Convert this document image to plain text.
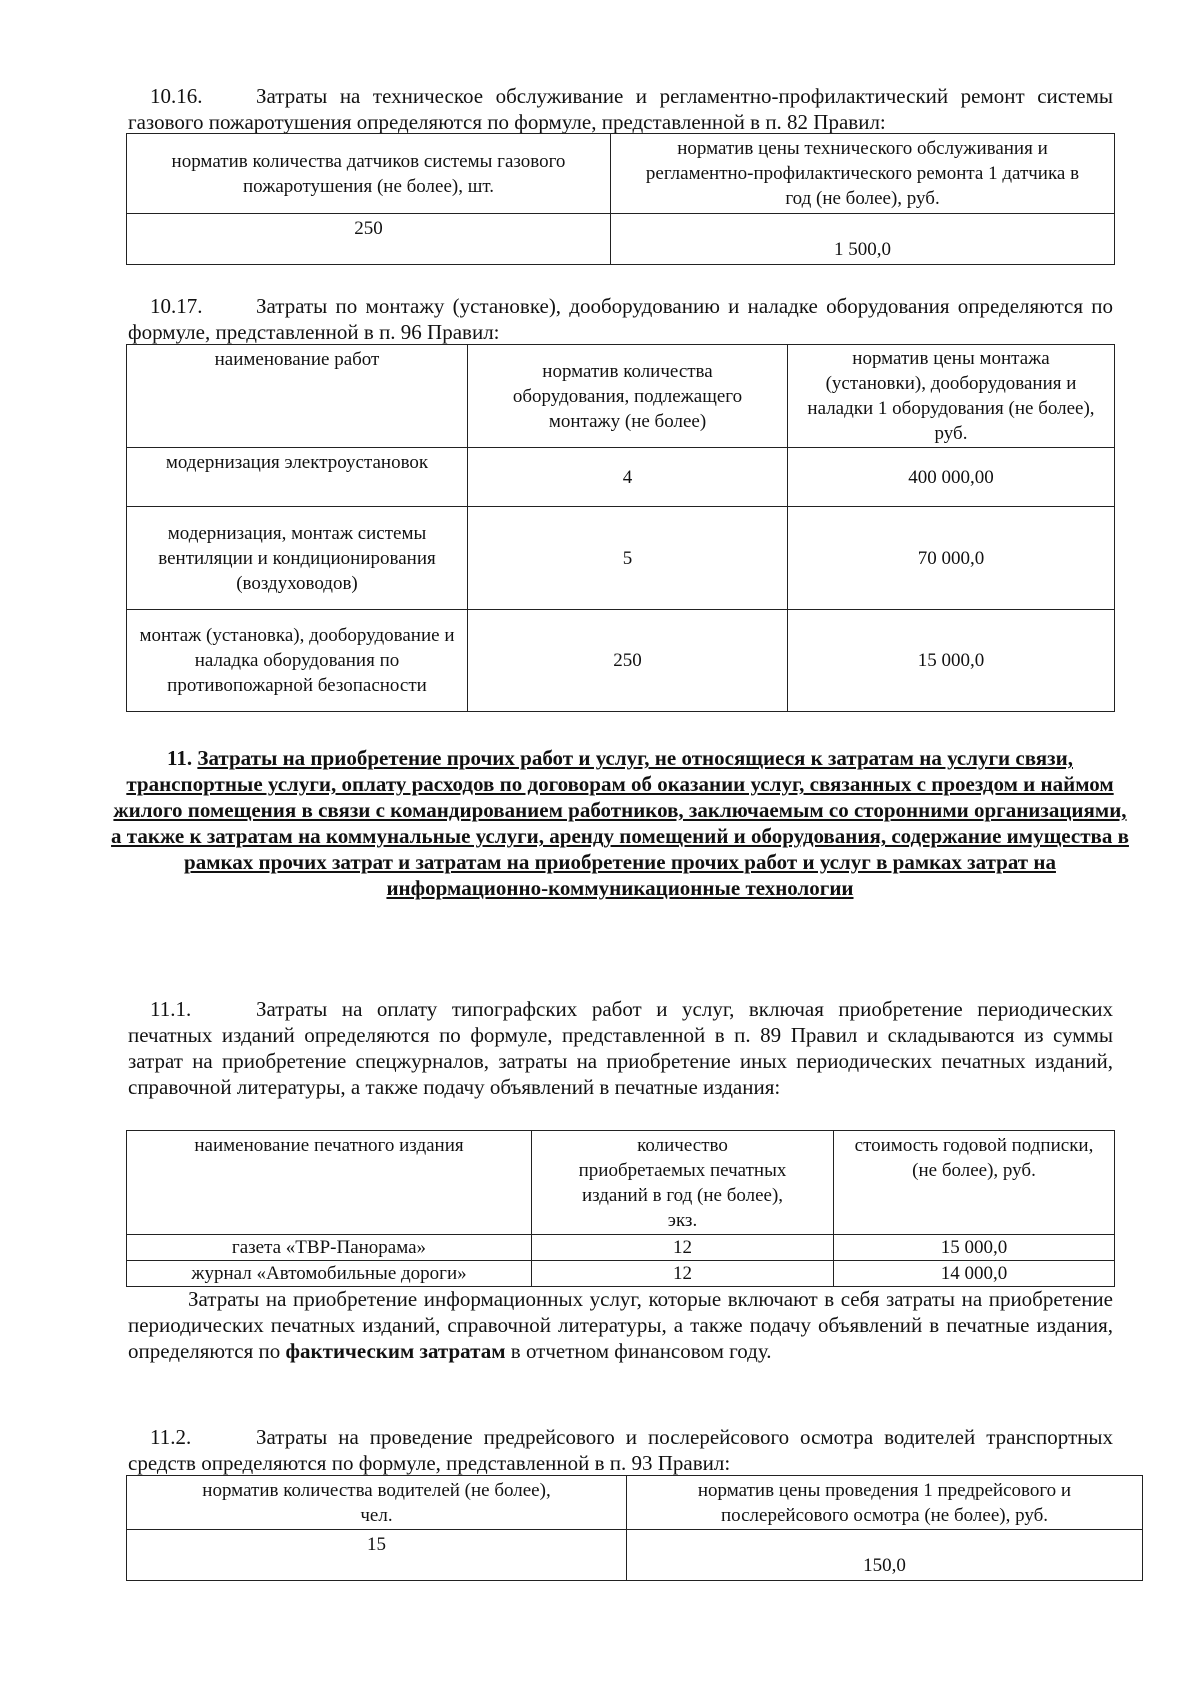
10.16.	Затраты на техническое обслуживание и регламентно-профилактический ремонт системы газового пожаротушения определяются по формуле, представленной в п. 82 Правил:
норматив количества датчиков системы газового пожаротушения (не более), шт.	норматив цены технического обслуживания и регламентно-профилактического ремонта 1 датчика в год (не более), руб.
250	1 500,0
10.17.	Затраты по монтажу (установке), дооборудованию и наладке оборудования определяются по формуле, представленной в п. 96 Правил:
наименование работ	норматив количества оборудования, подлежащего монтажу (не более)	норматив цены монтажа (установки), дооборудования и наладки 1 оборудования (не более), руб.
модернизация электроустановок	4	400 000,00
модернизация, монтаж системы вентиляции и кондиционирования (воздуховодов)	5	70 000,0
монтаж (установка), дооборудование и наладка оборудования по противопожарной безопасности	250	15 000,0
11. Затраты на приобретение прочих работ и услуг, не относящиеся к затратам на услуги связи, транспортные услуги, оплату расходов по договорам об оказании услуг, связанных с проездом и наймом жилого помещения в связи с командированием работников, заключаемым со сторонними организациями, а также к затратам на коммунальные услуги, аренду помещений и оборудования, содержание имущества в рамках прочих затрат и затратам на приобретение прочих работ и услуг в рамках затрат на информационно-коммуникационные технологии
11.1.	Затраты на оплату типографских работ и услуг, включая приобретение периодических печатных изданий определяются по формуле, представленной в п. 89 Правил и складываются из суммы затрат на приобретение спецжурналов, затраты на приобретение иных периодических печатных изданий, справочной литературы, а также подачу объявлений в печатные издания:
наименование печатного издания	количество приобретаемых печатных изданий в год (не более), экз.	стоимость годовой подписки, (не более), руб.
газета «ТВР-Панорама»	12	15 000,0
журнал «Автомобильные дороги»	12	14 000,0
Затраты на приобретение информационных услуг, которые включают в себя затраты на приобретение периодических печатных изданий, справочной литературы, а также подачу объявлений в печатные издания, определяются по фактическим затратам в отчетном финансовом году.
11.2.	Затраты на проведение предрейсового и послерейсового осмотра водителей транспортных средств определяются по формуле, представленной в п. 93 Правил:
норматив количества водителей (не более), чел.	норматив цены проведения 1 предрейсового и послерейсового осмотра (не более), руб.
15	150,0
